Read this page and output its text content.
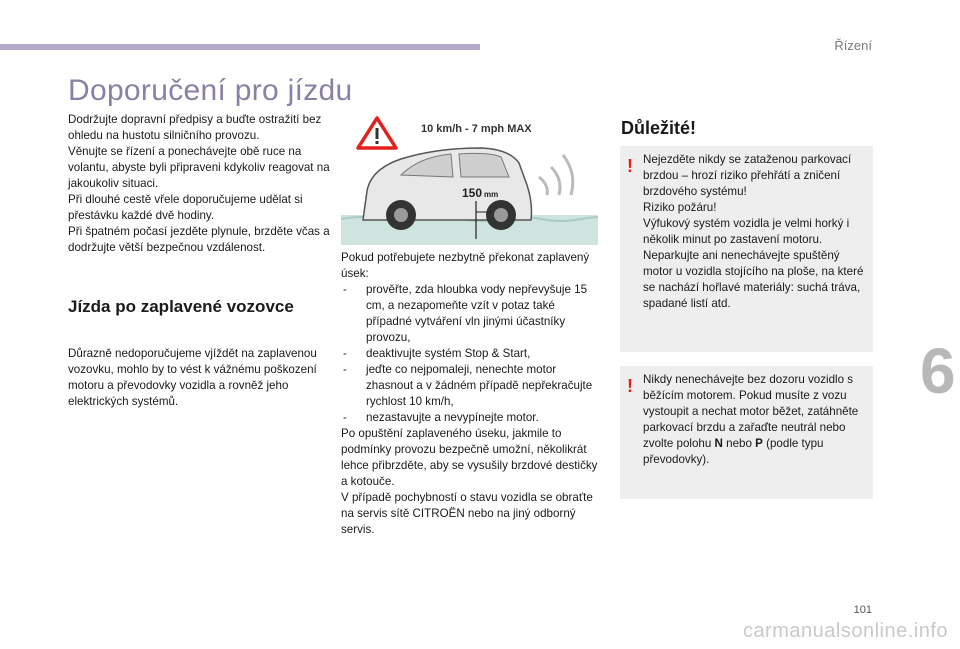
Řízení
6
Doporučení pro jízdu

Dodržujte dopravní předpisy a buďte ostražití bez ohledu na hustotu silničního provozu.
Věnujte se řízení a ponechávejte obě ruce na volantu, abyste byli připraveni kdykoliv reagovat na jakoukoliv situaci.
Při dlouhé cestě vřele doporučujeme udělat si přestávku každé dvě hodiny.
Při špatném počasí jezděte plynule, brzděte včas a dodržujte větší bezpečnou vzdálenost.

Jízda po zaplavené vozovce

Důrazně nedoporučujeme vjíždět na zaplavenou vozovku, mohlo by to vést k vážnému poškození motoru a převodovky vozidla a rovněž jeho elektrických systémů.

10 km/h - 7 mph MAX
150 mm

Pokud potřebujete nezbytně překonat zaplavený úsek:

- prověřte, zda hloubka vody nepřevyšuje 15 cm, a nezapomeňte vzít v potaz také případné vytváření vln jinými účastníky provozu,
- deaktivujte systém Stop & Start,
- jeďte co nejpomaleji, nenechte motor zhasnout a v žádném případě nepřekračujte rychlost 10 km/h,
- nezastavujte a nevypínejte motor.

Po opuštění zaplaveného úseku, jakmile to podmínky provozu bezpečně umožní, několikrát lehce přibrzděte, aby se vysušily brzdové destičky a kotouče.
V případě pochybností o stavu vozidla se obraťte na servis sítě CITROËN nebo na jiný odborný servis.

Důležité!
! Nejezděte nikdy se zataženou parkovací brzdou – hrozí riziko přehřátí a zničení brzdového systému!
Riziko požáru!
Výfukový systém vozidla je velmi horký i několik minut po zastavení motoru.
Neparkujte ani nenechávejte spuštěný motor u vozidla stojícího na ploše, na které se nachází hořlavé materiály: suchá tráva, spadané listí atd.

! Nikdy nenechávejte bez dozoru vozidlo s běžícím motorem. Pokud musíte z vozu vystoupit a nechat motor běžet, zatáhněte parkovací brzdu a zařaďte neutrál nebo zvolte polohu N nebo P (podle typu převodovky).

101
carmanualsonline.info
